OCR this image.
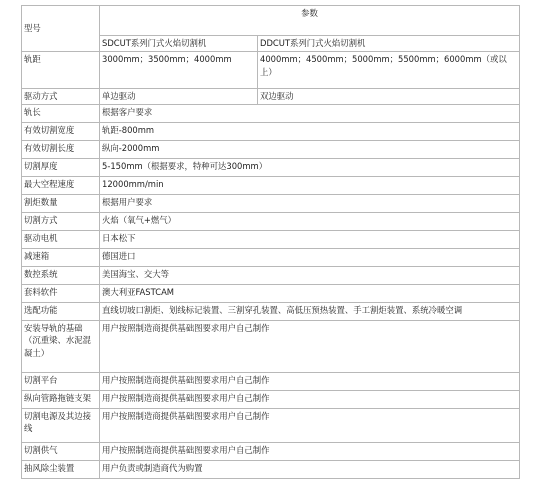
型号	参数	
	SDCUT系列门式火焰切割机	DDCUT系列门式火焰切割机
轨距	3000mm；3500mm；4000mm	4000mm；4500mm；5000mm；5500mm；6000mm（或以上）
驱动方式	单边驱动	双边驱动
轨长	根据客户要求	
有效切割宽度	轨距-800mm	
有效切割长度	纵向-2000mm	
切割厚度	5-150mm（根据要求，特种可达300mm）	
最大空程速度	12000mm/min	
割炬数量	根据用户要求	
切割方式	火焰（氧气+燃气）	
驱动电机	日本松下	
减速箱	德国进口	
数控系统	美国海宝、交大等	
套料软件	澳大利亚FASTCAM	
选配功能	直线切坡口割炬、划线标记装置、三割穿孔装置、高低压预热装置、手工割炬装置、系统冷暖空调	
安装导轨的基础（沉重梁、水泥混凝土）	用户按照制造商提供基础图要求用户自己制作	
切割平台	用户按照制造商提供基础图要求用户自己制作	
纵向管路拖链支架	用户按照制造商提供基础图要求用户自己制作	
切割电源及其边接线	用户按照制造商提供基础图要求用户自己制作	
切割供气	用户按照制造商提供基础图要求用户自己制作	
抽风除尘装置	用户负责或制造商代为购置	
